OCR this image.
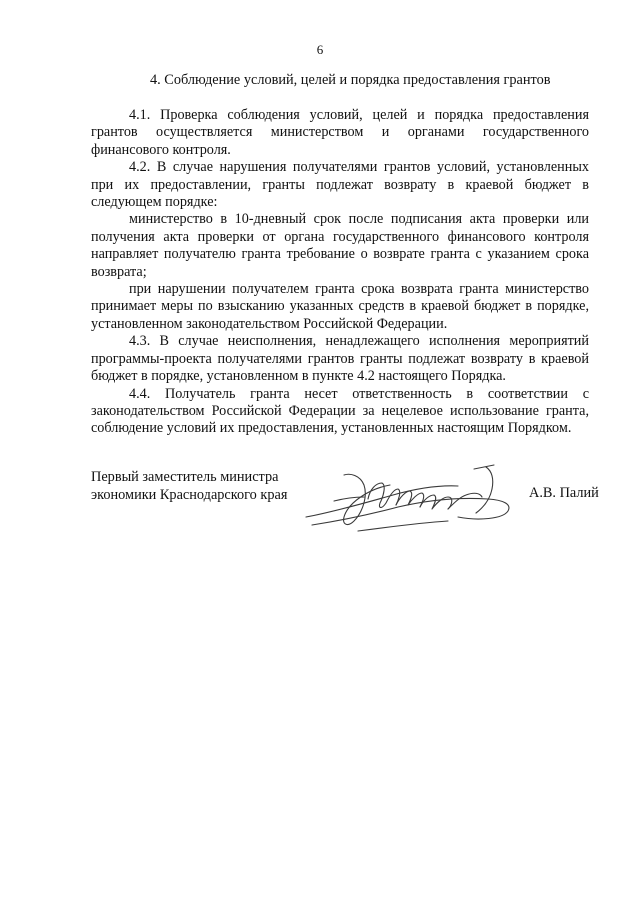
6
4. Соблюдение условий, целей и порядка предоставления грантов

4.1. Проверка соблюдения условий, целей и порядка предоставления грантов осуществляется министерством и органами государственного финансового контроля.

4.2. В случае нарушения получателями грантов условий, установленных при их предоставлении, гранты подлежат возврату в краевой бюджет в следующем порядке:

министерство в 10-дневный срок после подписания акта проверки или получения акта проверки от органа государственного финансового контроля направляет получателю гранта требование о возврате гранта с указанием срока возврата;

при нарушении получателем гранта срока возврата гранта министерство принимает меры по взысканию указанных средств в краевой бюджет в порядке, установленном законодательством Российской Федерации.

4.3. В случае неисполнения, ненадлежащего исполнения мероприятий программы-проекта получателями грантов гранты подлежат возврату в краевой бюджет в порядке, установленном в пункте 4.2 настоящего Порядка.

4.4. Получатель гранта несет ответственность в соответствии с законодательством Российской Федерации за нецелевое использование гранта, соблюдение условий их предоставления, установленных настоящим Порядком.

Первый заместитель министра
экономики Краснодарского края	А.В. Палий
